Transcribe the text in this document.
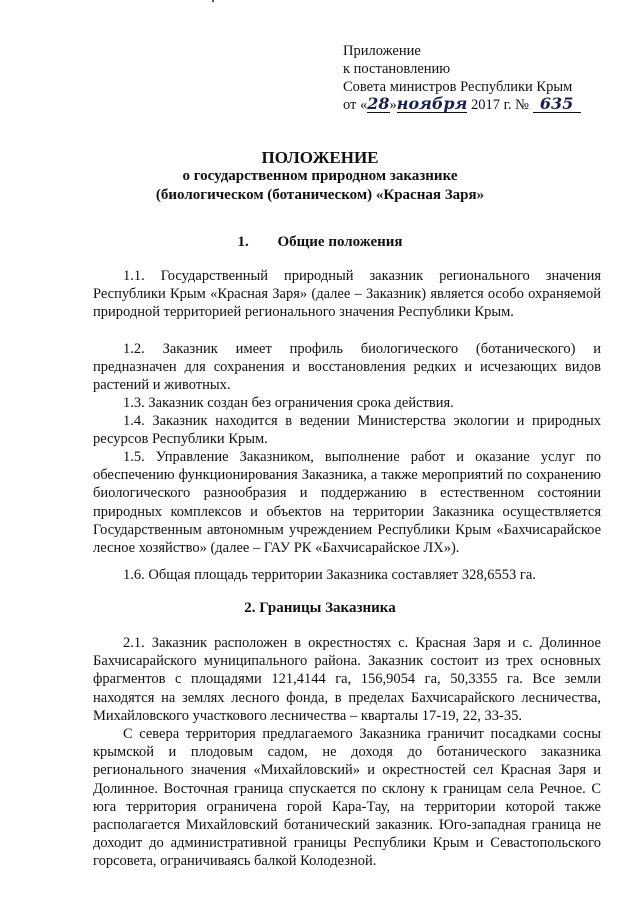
Приложение
к постановлению
Совета министров Республики Крым
от «28»ноября 2017 г. № 635
ПОЛОЖЕНИЕ
о государственном природном заказнике
(биологическом (ботаническом) «Красная Заря»
1. Общие положения

1.1. Государственный природный заказник регионального значения Республики Крым «Красная Заря» (далее – Заказник) является особо охраняемой природной территорией регионального значения Республики Крым.

1.2. Заказник имеет профиль биологического (ботанического) и предназначен для сохранения и восстановления редких и исчезающих видов растений и животных.

1.3. Заказник создан без ограничения срока действия.

1.4. Заказник находится в ведении Министерства экологии и природных ресурсов Республики Крым.

1.5. Управление Заказником, выполнение работ и оказание услуг по обеспечению функционирования Заказника, а также мероприятий по сохранению биологического разнообразия и поддержанию в естественном состоянии природных комплексов и объектов на территории Заказника осуществляется Государственным автономным учреждением Республики Крым «Бахчисарайское лесное хозяйство» (далее – ГАУ РК «Бахчисарайское ЛХ»).

1.6. Общая площадь территории Заказника составляет 328,6553 га.

2. Границы Заказника

2.1. Заказник расположен в окрестностях с. Красная Заря и с. Долинное Бахчисарайского муниципального района. Заказник состоит из трех основных фрагментов с площадями 121,4144 га, 156,9054 га, 50,3355 га. Все земли находятся на землях лесного фонда, в пределах Бахчисарайского лесничества, Михайловского участкового лесничества – кварталы 17-19, 22, 33-35.

С севера территория предлагаемого Заказника граничит посадками сосны крымской и плодовым садом, не доходя до ботанического заказника регионального значения «Михайловский» и окрестностей сел Красная Заря и Долинное. Восточная граница спускается по склону к границам села Речное. С юга территория ограничена горой Кара-Тау, на территории которой также располагается Михайловский ботанический заказник. Юго-западная граница не доходит до административной границы Республики Крым и Севастопольского горсовета, ограничиваясь балкой Колодезной.
